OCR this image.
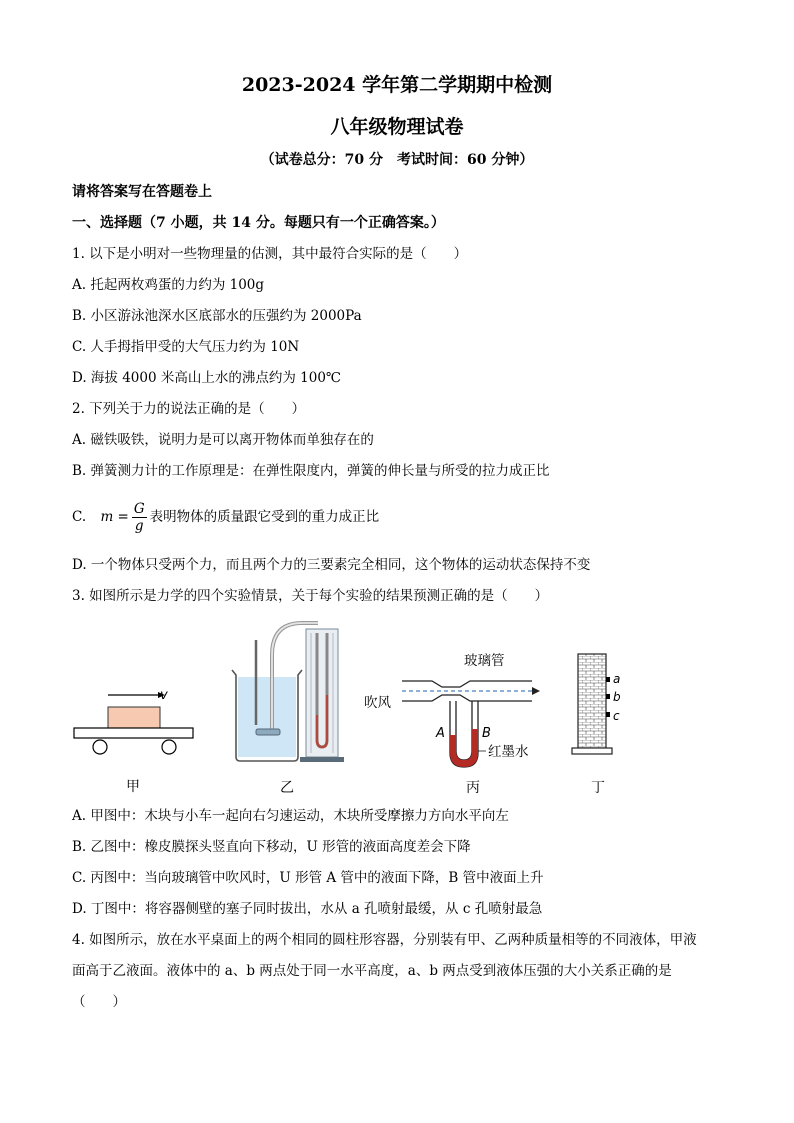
2023-2024 学年第二学期期中检测
八年级物理试卷
（试卷总分：70 分　考试时间：60 分钟）
请将答案写在答题卷上
一、选择题（7 小题，共 14 分。每题只有一个正确答案。）
1. 以下是小明对一些物理量的估测，其中最符合实际的是（　　）
A. 托起两枚鸡蛋的力约为 100g
B. 小区游泳池深水区底部水的压强约为 2000Pa
C. 人手拇指甲受的大气压力约为 10N
D. 海拔 4000 米高山上水的沸点约为 100℃
2. 下列关于力的说法正确的是（　　）
A. 磁铁吸铁，说明力是可以离开物体而单独存在的
B. 弹簧测力计的工作原理是：在弹性限度内，弹簧的伸长量与所受的拉力成正比
C. $m = \frac{G}{g}$ 表明物体的质量跟它受到的重力成正比
D. 一个物体只受两个力，而且两个力的三要素完全相同，这个物体的运动状态保持不变
3. 如图所示是力学的四个实验情景，关于每个实验的结果预测正确的是（　　）
v
甲	乙
玻璃管
吹风
A	B
红墨水
丙
a
b
c
丁
A. 甲图中：木块与小车一起向右匀速运动，木块所受摩擦力方向水平向左
B. 乙图中：橡皮膜探头竖直向下移动，U 形管的液面高度差会下降
C. 丙图中：当向玻璃管中吹风时，U 形管 A 管中的液面下降，B 管中液面上升
D. 丁图中：将容器侧壁的塞子同时拔出，水从 a 孔喷射最缓，从 c 孔喷射最急
4. 如图所示，放在水平桌面上的两个相同的圆柱形容器，分别装有甲、乙两种质量相等的不同液体，甲液
面高于乙液面。液体中的 a、b 两点处于同一水平高度，a、b 两点受到液体压强的大小关系正确的是
（　　）
